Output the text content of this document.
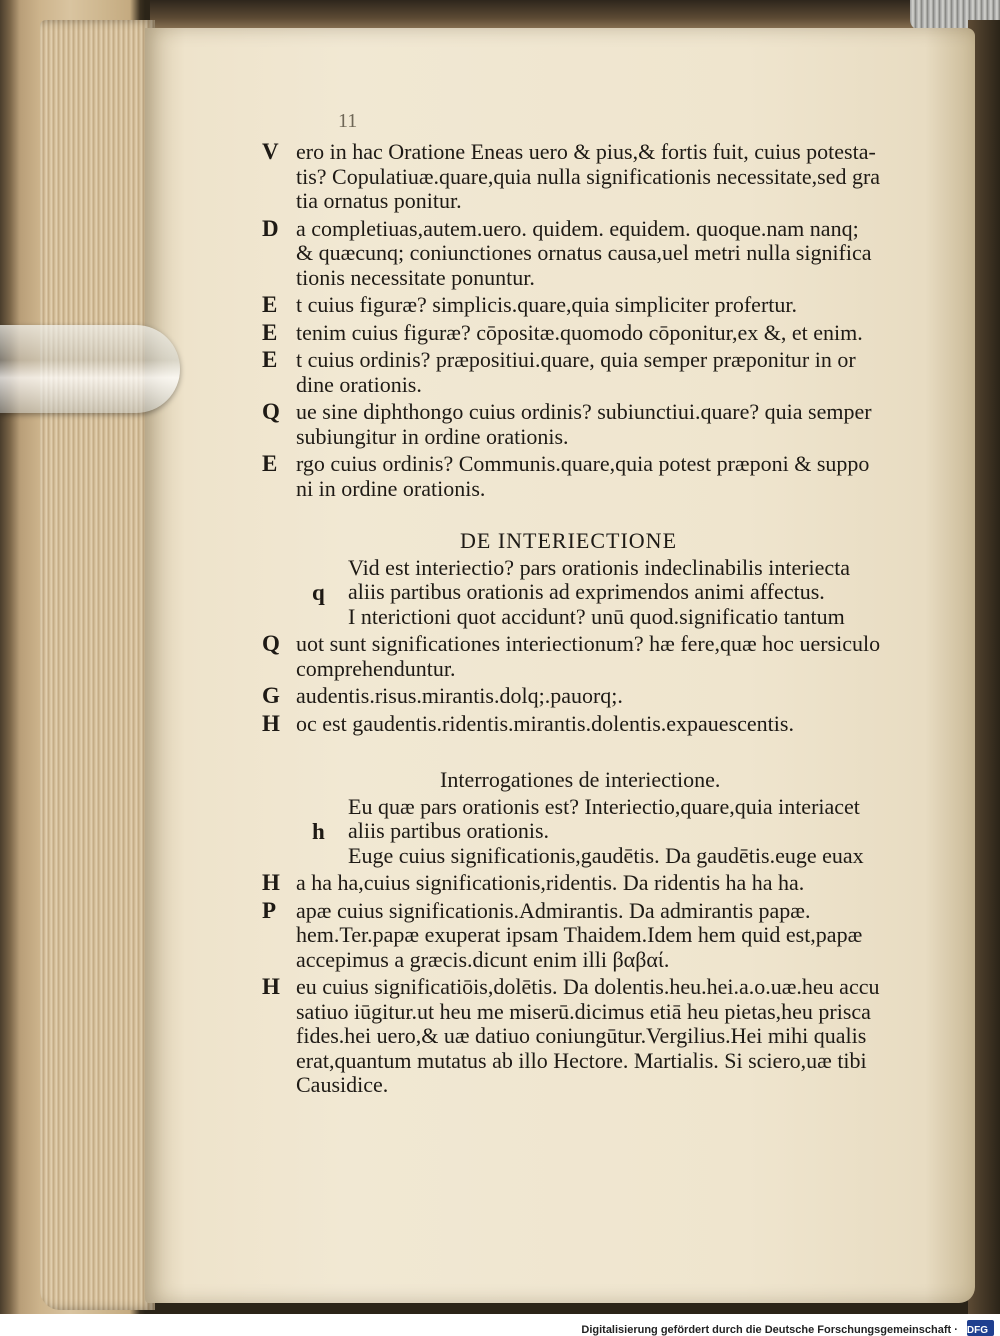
11
V ero in hac Oratione Eneas uero & pius,& fortis fuit, cuius potesta-
tis? Copulatiuæ.quare,quia nulla significationis necessitate,sed gra
tia ornatus ponitur.
D a completiuas,autem.uero. quidem. equidem. quoque.nam nanq;
& quæcunq; coniunctiones ornatus causa,uel metri nulla significa
tionis necessitate ponuntur.
E t cuius figuræ? simplicis.quare,quia simpliciter profertur.
E tenim cuius figuræ? cōpositæ.quomodo cōponitur,ex &, et enim.
E t cuius ordinis? præpositiui.quare, quia semper præponitur in or
dine orationis.
Q ue sine diphthongo cuius ordinis? subiunctiui.quare? quia semper
subiungitur in ordine orationis.
E rgo cuius ordinis? Communis.quare,quia potest præponi & suppo
ni in ordine orationis.
DE INTERIECTIONE
q
Vid est interiectio? pars orationis indeclinabilis interiecta
aliis partibus orationis ad exprimendos animi affectus.
I nterictioni quot accidunt? unū quod.significatio tantum
Q uot sunt significationes interiectionum? hæ fere,quæ hoc uersiculo
comprehenduntur.
G audentis.risus.mirantis.dolq;.pauorq;.
H oc est gaudentis.ridentis.mirantis.dolentis.expauescentis.
Interrogationes de interiectione.
h
Eu quæ pars orationis est? Interiectio,quare,quia interiacet
aliis partibus orationis.
Euge cuius significationis,gaudētis. Da gaudētis.euge euax
H a ha ha,cuius significationis,ridentis. Da ridentis ha ha ha.
P apæ cuius significationis.Admirantis. Da admirantis papæ.
hem.Ter.papæ exuperat ipsam Thaidem.Idem hem quid est,papæ
accepimus a græcis.dicunt enim illi βαβαί.
H eu cuius significatiōis,dolētis. Da dolentis.heu.hei.a.o.uæ.heu accu
satiuo iūgitur.ut heu me miserū.dicimus etiā heu pietas,heu prisca
fides.hei uero,& uæ datiuo coniungūtur.Vergilius.Hei mihi qualis
erat,quantum mutatus ab illo Hectore. Martialis. Si sciero,uæ tibi
Causidice.
Digitalisierung gefördert durch die Deutsche Forschungsgemeinschaft · DFG
